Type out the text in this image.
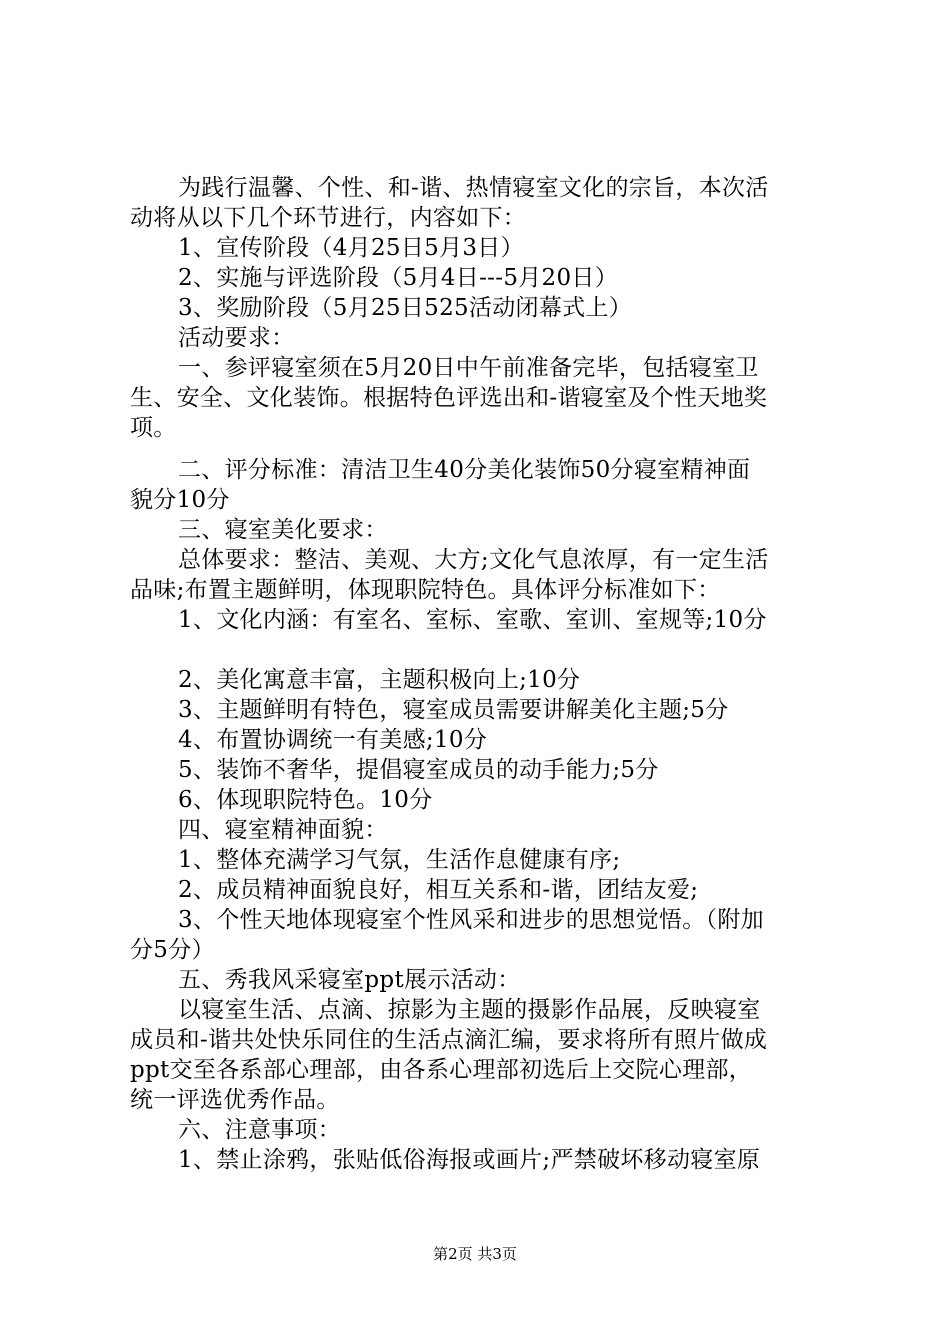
为践行温馨、个性、和-谐、热情寝室文化的宗旨，本次活
动将从以下几个环节进行，内容如下：
1、宣传阶段（4月25日5月3日）
2、实施与评选阶段（5月4日---5月20日）
3、奖励阶段（5月25日525活动闭幕式上）
活动要求：
一、参评寝室须在5月20日中午前准备完毕，包括寝室卫
生、安全、文化装饰。根据特色评选出和-谐寝室及个性天地奖
项。
二、评分标准：清洁卫生40分美化装饰50分寝室精神面
貌分10分
三、寝室美化要求：
总体要求：整洁、美观、大方;文化气息浓厚，有一定生活
品味;布置主题鲜明，体现职院特色。具体评分标准如下：
1、文化内涵：有室名、室标、室歌、室训、室规等;10分
2、美化寓意丰富，主题积极向上;10分
3、主题鲜明有特色，寝室成员需要讲解美化主题;5分
4、布置协调统一有美感;10分
5、装饰不奢华，提倡寝室成员的动手能力;5分
6、体现职院特色。10分
四、寝室精神面貌：
1、整体充满学习气氛，生活作息健康有序;
2、成员精神面貌良好，相互关系和-谐，团结友爱;
3、个性天地体现寝室个性风采和进步的思想觉悟。（附加
分5分）
五、秀我风采寝室ppt展示活动：
以寝室生活、点滴、掠影为主题的摄影作品展，反映寝室
成员和-谐共处快乐同住的生活点滴汇编，要求将所有照片做成
ppt交至各系部心理部，由各系心理部初选后上交院心理部，
统一评选优秀作品。
六、注意事项：
1、禁止涂鸦，张贴低俗海报或画片;严禁破坏移动寝室原
第2页 共3页
